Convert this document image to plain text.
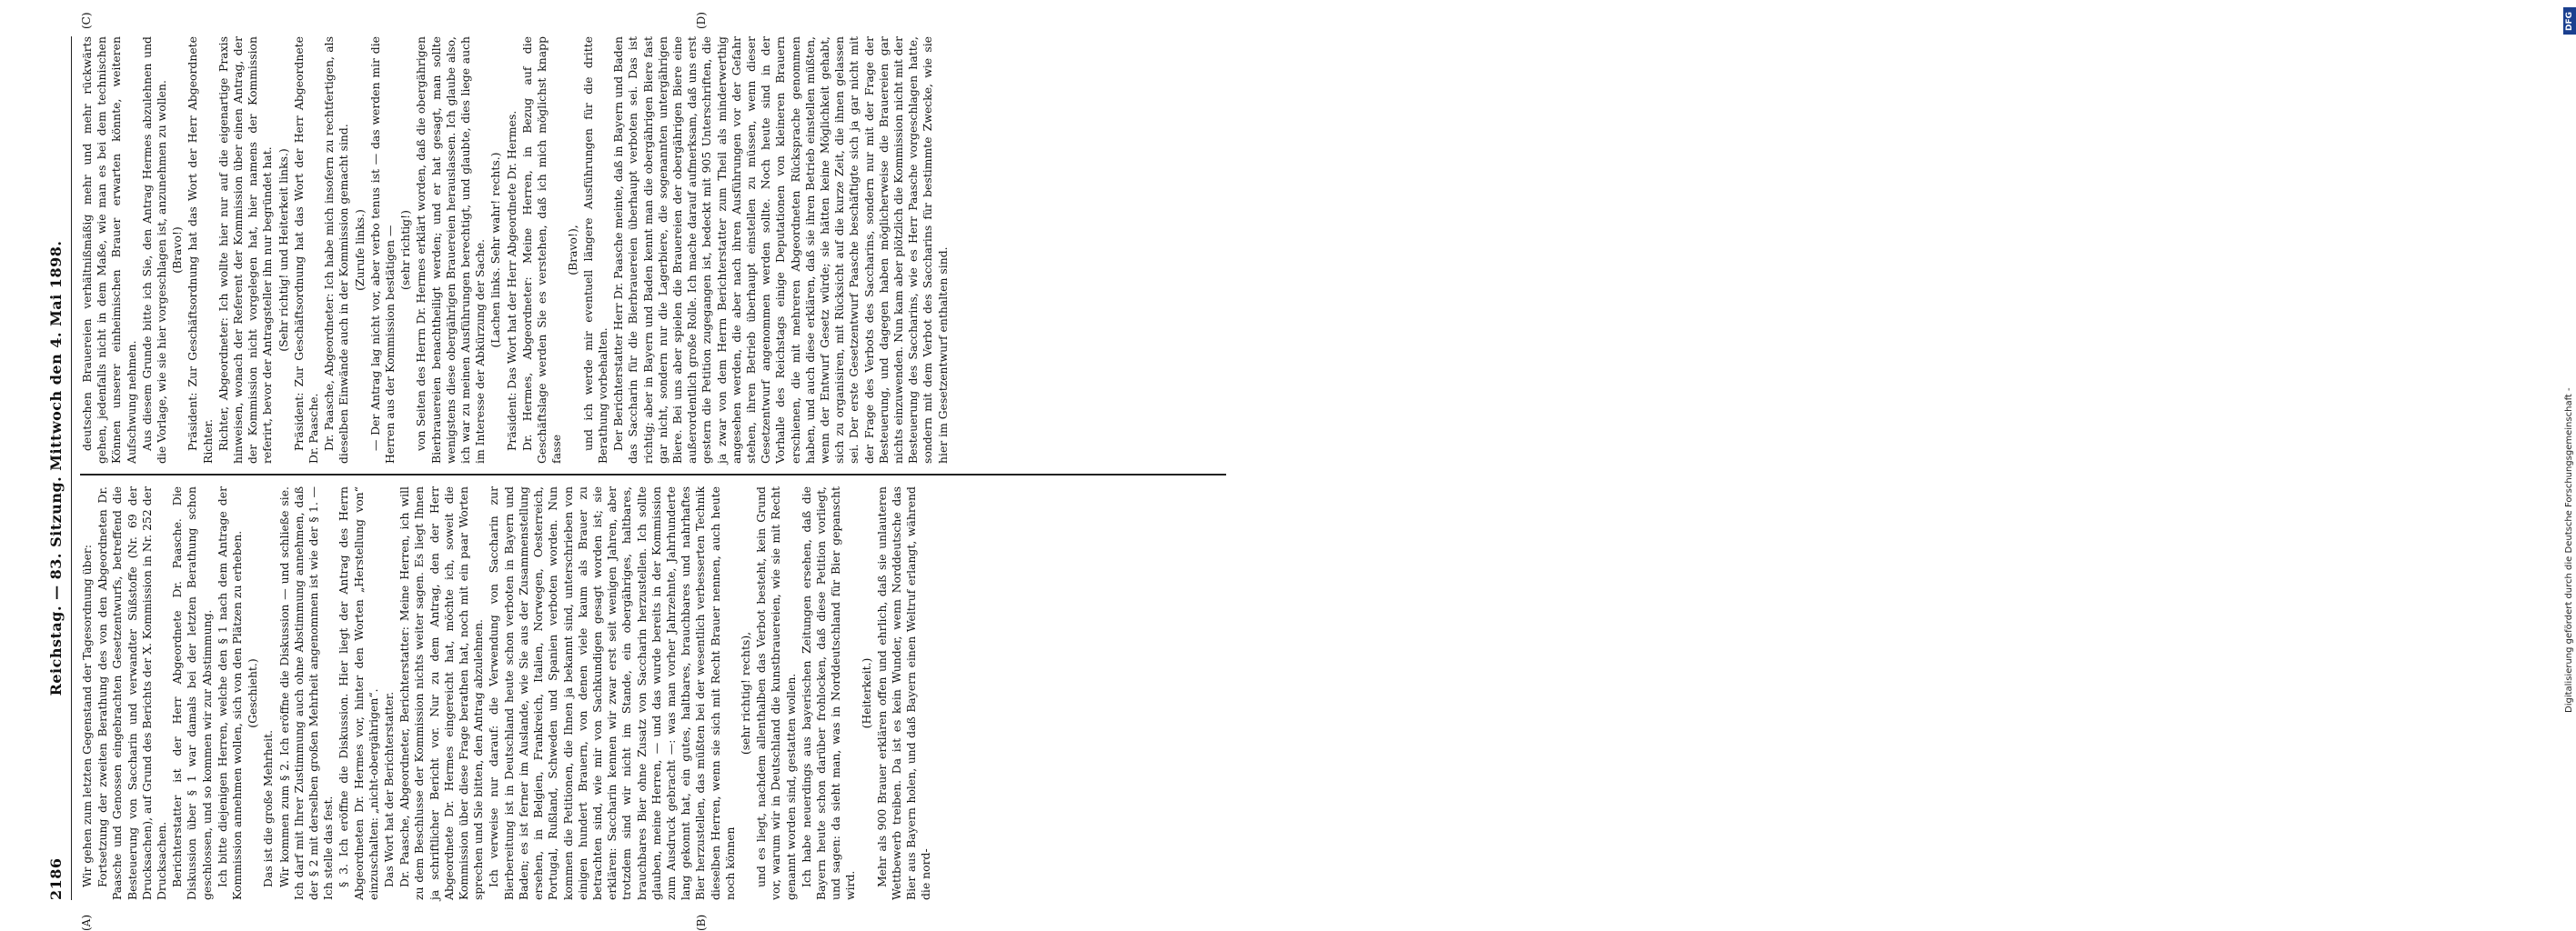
Reichstag. — 83. Sitzung. Mittwoch den 4. Mai 1898.
2186
(A)	(B)
(C)	(D)

Wir gehen zum letzten Gegenstand der Tagesordnung über: Fortsetzung der zweiten Berathung des von den Abgeordneten Dr. Paasche und Genossen eingebrachten Gesetzentwurfs, betreffend die Besteuerung von Saccharin und verwandter Süßstoffe (Nr. 69 der Drucksachen), auf Grund des Berichts der X. Kommission in Nr. 252 der Drucksachen. Berichterstatter ist der Herr Abgeordnete Dr. Paasche. Die Diskussion über § 1 war damals bei der letzten Berathung schon geschlossen, und so kommen wir zur Abstimmung. Ich bitte diejenigen Herren, welche den § 1 nach dem Antrage der Kommission annehmen wollen, sich von den Plätzen zu erheben. (Geschieht.)

Das ist die große Mehrheit. Wir kommen zum § 2. Ich eröffne die Diskussion — und schließe sie. Ich darf mit Ihrer Zustimmung auch ohne Abstimmung annehmen, daß der § 2 mit derselben großen Mehrheit angenommen ist wie der § 1. — Ich stelle das fest. § 3. Ich eröffne die Diskussion. Hier liegt der Antrag des Herrn Abgeordneten Dr. Hermes vor, hinter den Worten „Herstellung von“ einzuschalten: „nicht-obergährigen“. Das Wort hat der Berichterstatter. Dr. Paasche, Abgeordneter, Berichterstatter: Meine Herren, ich will zu dem Beschlusse der Kommission nichts weiter sagen. Es liegt Ihnen ja schriftlicher Bericht vor. Nur zu dem Antrag, den der Herr Abgeordnete Dr. Hermes eingereicht hat, möchte ich, soweit die Kommission über diese Frage berathen hat, noch mit ein paar Worten sprechen und Sie bitten, den Antrag abzulehnen. Ich verweise nur darauf: die Verwendung von Saccharin zur Bierbereitung ist in Deutschland heute schon verboten in Bayern und Baden; es ist ferner im Auslande, wie Sie aus der Zusammenstellung ersehen, in Belgien, Frankreich, Italien, Norwegen, Oesterreich, Portugal, Rußland, Schweden und Spanien verboten worden. Nun kommen die Petitionen, die Ihnen ja bekannt sind, unterschrieben von einigen hundert Brauern, von denen viele kaum als Brauer zu betrachten sind, wie mir von Sachkundigen gesagt worden ist; sie erklären: Saccharin kennen wir zwar erst seit wenigen Jahren, aber trotzdem sind wir nicht im Stande, ein obergähriges, haltbares, brauchbares Bier ohne Zusatz von Saccharin herzustellen. Ich sollte glauben, meine Herren, — und das wurde bereits in der Kommission zum Ausdruck gebracht —: was man vorher Jahrzehnte, Jahrhunderte lang gekonnt hat, ein gutes, haltbares, brauchbares und nahrhaftes Bier herzustellen, das müßten bei der wesentlich verbesserten Technik dieselben Herren, wenn sie sich mit Recht Brauer nennen, auch heute noch können

(sehr richtig! rechts), und es liegt, nachdem allenthalben das Verbot besteht, kein Grund vor, warum wir in Deutschland die kunstbrauereien, wie sie mit Recht genannt worden sind, gestatten wollen. Ich habe neuerdings aus bayerischen Zeitungen ersehen, daß die Bayern heute schon darüber frohlocken, daß diese Petition vorliegt, und sagen: da sieht man, was in Norddeutschland für Bier gepanscht wird.

(Heiterkeit.) Mehr als 900 Brauer erklären offen und ehrlich, daß sie unlauteren Wettbewerb treiben. Da ist es kein Wunder, wenn Norddeutsche das Bier aus Bayern holen, und daß Bayern einen Weltruf erlangt, während die nord-

deutschen Brauereien verhältnißmäßig mehr und mehr rückwärts gehen, jedenfalls nicht in dem Maße, wie man es bei dem technischen Können unserer einheimischen Brauer erwarten könnte, weiteren Aufschwung nehmen. Aus diesem Grunde bitte ich Sie, den Antrag Hermes abzulehnen und die Vorlage, wie sie hier vorgeschlagen ist, anzunehmen zu wollen. (Bravo!) Präsident: Zur Geschäftsordnung hat das Wort der Herr Abgeordnete Richter. Richter, Abgeordneter: Ich wollte hier nur auf die eigenartige Praxis hinweisen, wonach der Referent der Kommission über einen Antrag, der der Kommission nicht vorgelegen hat, hier namens der Kommission referirt, bevor der Antragsteller ihn nur begründet hat. (Sehr richtig! und Heiterkeit links.) Präsident: Zur Geschäftsordnung hat das Wort der Herr Abgeordnete Dr. Paasche. Dr. Paasche, Abgeordneter: Ich habe mich insofern zu rechtfertigen, als dieselben Einwände auch in der Kommission gemacht sind. (Zurufe links.) — Der Antrag lag nicht vor, aber verbo tenus ist — das werden mir die Herren aus der Kommission bestätigen — (sehr richtig!) von Seiten des Herrn Dr. Hermes erklärt worden, daß die obergährigen Bierbrauereien benachtheiligt werden; und er hat gesagt, man sollte wenigstens diese obergährigen Brauereien herauslassen. Ich glaube also, ich war zu meinen Ausführungen berechtigt, und glaubte, dies liege auch im Interesse der Abkürzung der Sache. (Lachen links. Sehr wahr! rechts.) Präsident: Das Wort hat der Herr Abgeordnete Dr. Hermes. Dr. Hermes, Abgeordneter: Meine Herren, in Bezug auf die Geschäftslage werden Sie es verstehen, daß ich mich möglichst knapp fasse

(Bravo!), und ich werde mir eventuell längere Ausführungen für die dritte Berathung vorbehalten. Der Berichterstatter Herr Dr. Paasche meinte, daß in Bayern und Baden das Saccharin für die Bierbrauereien überhaupt verboten sei. Das ist richtig; aber in Bayern und Baden kennt man die obergährigen Biere fast gar nicht, sondern nur die Lagerbiere, die sogenannten untergährigen Biere. Bei uns aber spielen die Brauereien der obergährigen Biere eine außerordentlich große Rolle. Ich mache darauf aufmerksam, daß uns erst gestern die Petition zugegangen ist, bedeckt mit 905 Unterschriften, die ja zwar von dem Herrn Berichterstatter zum Theil als minderwerthig angesehen werden, die aber nach ihren Ausführungen vor der Gefahr stehen, ihren Betrieb überhaupt einstellen zu müssen, wenn dieser Gesetzentwurf angenommen werden sollte. Noch heute sind in der Vorhalle des Reichstags einige Deputationen von kleineren Brauern erschienen, die mit mehreren Abgeordneten Rücksprache genommen haben, und auch diese erklären, daß sie ihren Betrieb einstellen müßten, wenn der Entwurf Gesetz würde; sie hätten keine Möglichkeit gehabt, sich zu organisiren, mit Rücksicht auf die kurze Zeit, die ihnen gelassen sei. Der erste Gesetzentwurf Paasche beschäftigte sich ja gar nicht mit der Frage des Verbots des Saccharins, sondern nur mit der Frage der Besteuerung, und dagegen haben möglicherweise die Brauereien gar nichts einzuwenden. Nun kam aber plötzlich die Kommission nicht mit der Besteuerung des Saccharins, wie es Herr Paasche vorgeschlagen hatte, sondern mit dem Verbot des Saccharins für bestimmte Zwecke, wie sie hier im Gesetzentwurf enthalten sind.

DFG
Digitalisierung gefördert durch die Deutsche Forschungsgemeinschaft -
